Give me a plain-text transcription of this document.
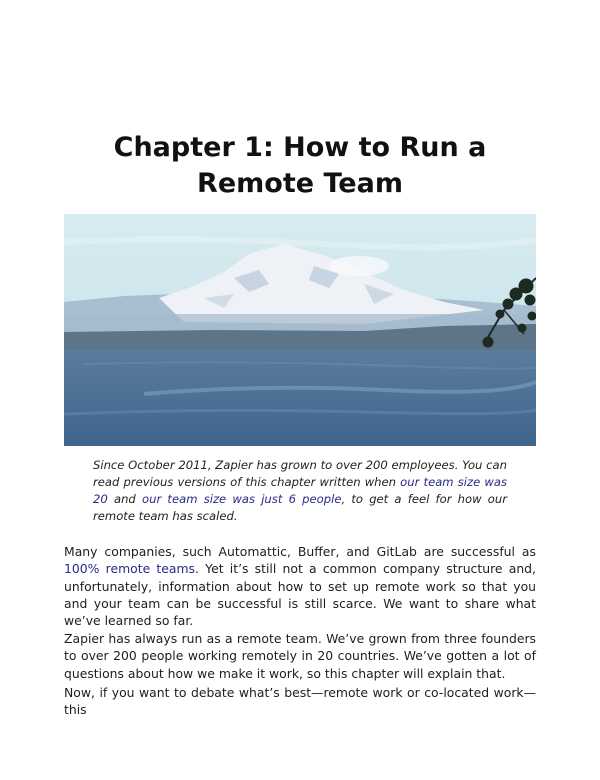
Chapter 1: How to Run a Remote Team
Since October 2011, Zapier has grown to over 200 employees. You can read previous versions of this chapter written when our team size was 20 and our team size was just 6 people, to get a feel for how our remote team has scaled.

Many companies, such Automattic, Buffer, and GitLab are successful as 100% remote teams. Yet it’s still not a common company structure and, unfortunately, information about how to set up remote work so that you and your team can be successful is still scarce. We want to share what we’ve learned so far.

Zapier has always run as a remote team. We’ve grown from three founders to over 200 people working remotely in 20 countries. We’ve gotten a lot of questions about how we make it work, so this chapter will explain that.

Now, if you want to debate what’s best—remote work or co-located work—this
